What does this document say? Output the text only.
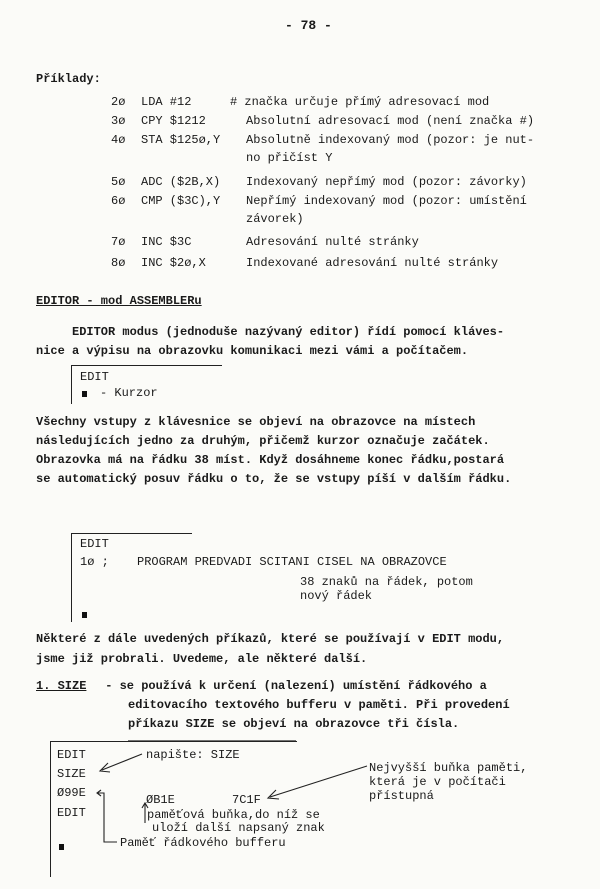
- 78 -
Příklady:
2ø LDA #12	# značka určuje přímý adresovací mod
3ø CPY $1212	Absolutní adresovací mod (není značka #)
4ø STA $125ø,Y Absolutně indexovaný mod (pozor: je nut-
no přičíst Y
5ø ADC ($2B,X) Indexovaný nepřímý mod (pozor: závorky)
6ø CMP ($3C),Y Nepřímý indexovaný mod (pozor: umístění
závorek)
7ø INC $3C	Adresování nulté stránky
8ø INC $2ø,X	Indexované adresování nulté stránky
EDITOR - mod ASSEMBLERu
EDITOR modus (jednoduše nazývaný editor) řídí pomocí kláves-
nice a výpisu na obrazovku komunikaci mezi vámi a počítačem.
EDIT
- Kurzor
Všechny vstupy z klávesnice se objeví na obrazovce na místech
následujících jedno za druhým, přičemž kurzor označuje začátek.
Obrazovka má na řádku 38 míst. Když dosáhneme konec řádku,postará
se automatický posuv řádku o to, že se vstupy píší v dalším řádku.
EDIT
1ø ; PROGRAM PREDVADI SCITANI CISEL NA OBRAZOVCE
38 znaků na řádek, potom
nový řádek
Některé z dále uvedených příkazů, které se používají v EDIT modu,
jsme již probrali. Uvedeme, ale některé další.
1. SIZE - se používá k určení (nalezení) umístění řádkového a
editovacího textového bufferu v paměti. Při provedení
příkazu SIZE se objeví na obrazovce tři čísla.
EDIT
SIZE
Ø99E
EDIT
napište: SIZE
ØB1E	7C1F
paměťová buňka,do níž se
uloží další napsaný znak
Paměť řádkového bufferu
Nejvyšší buňka paměti,
která je v počítači
přístupná
